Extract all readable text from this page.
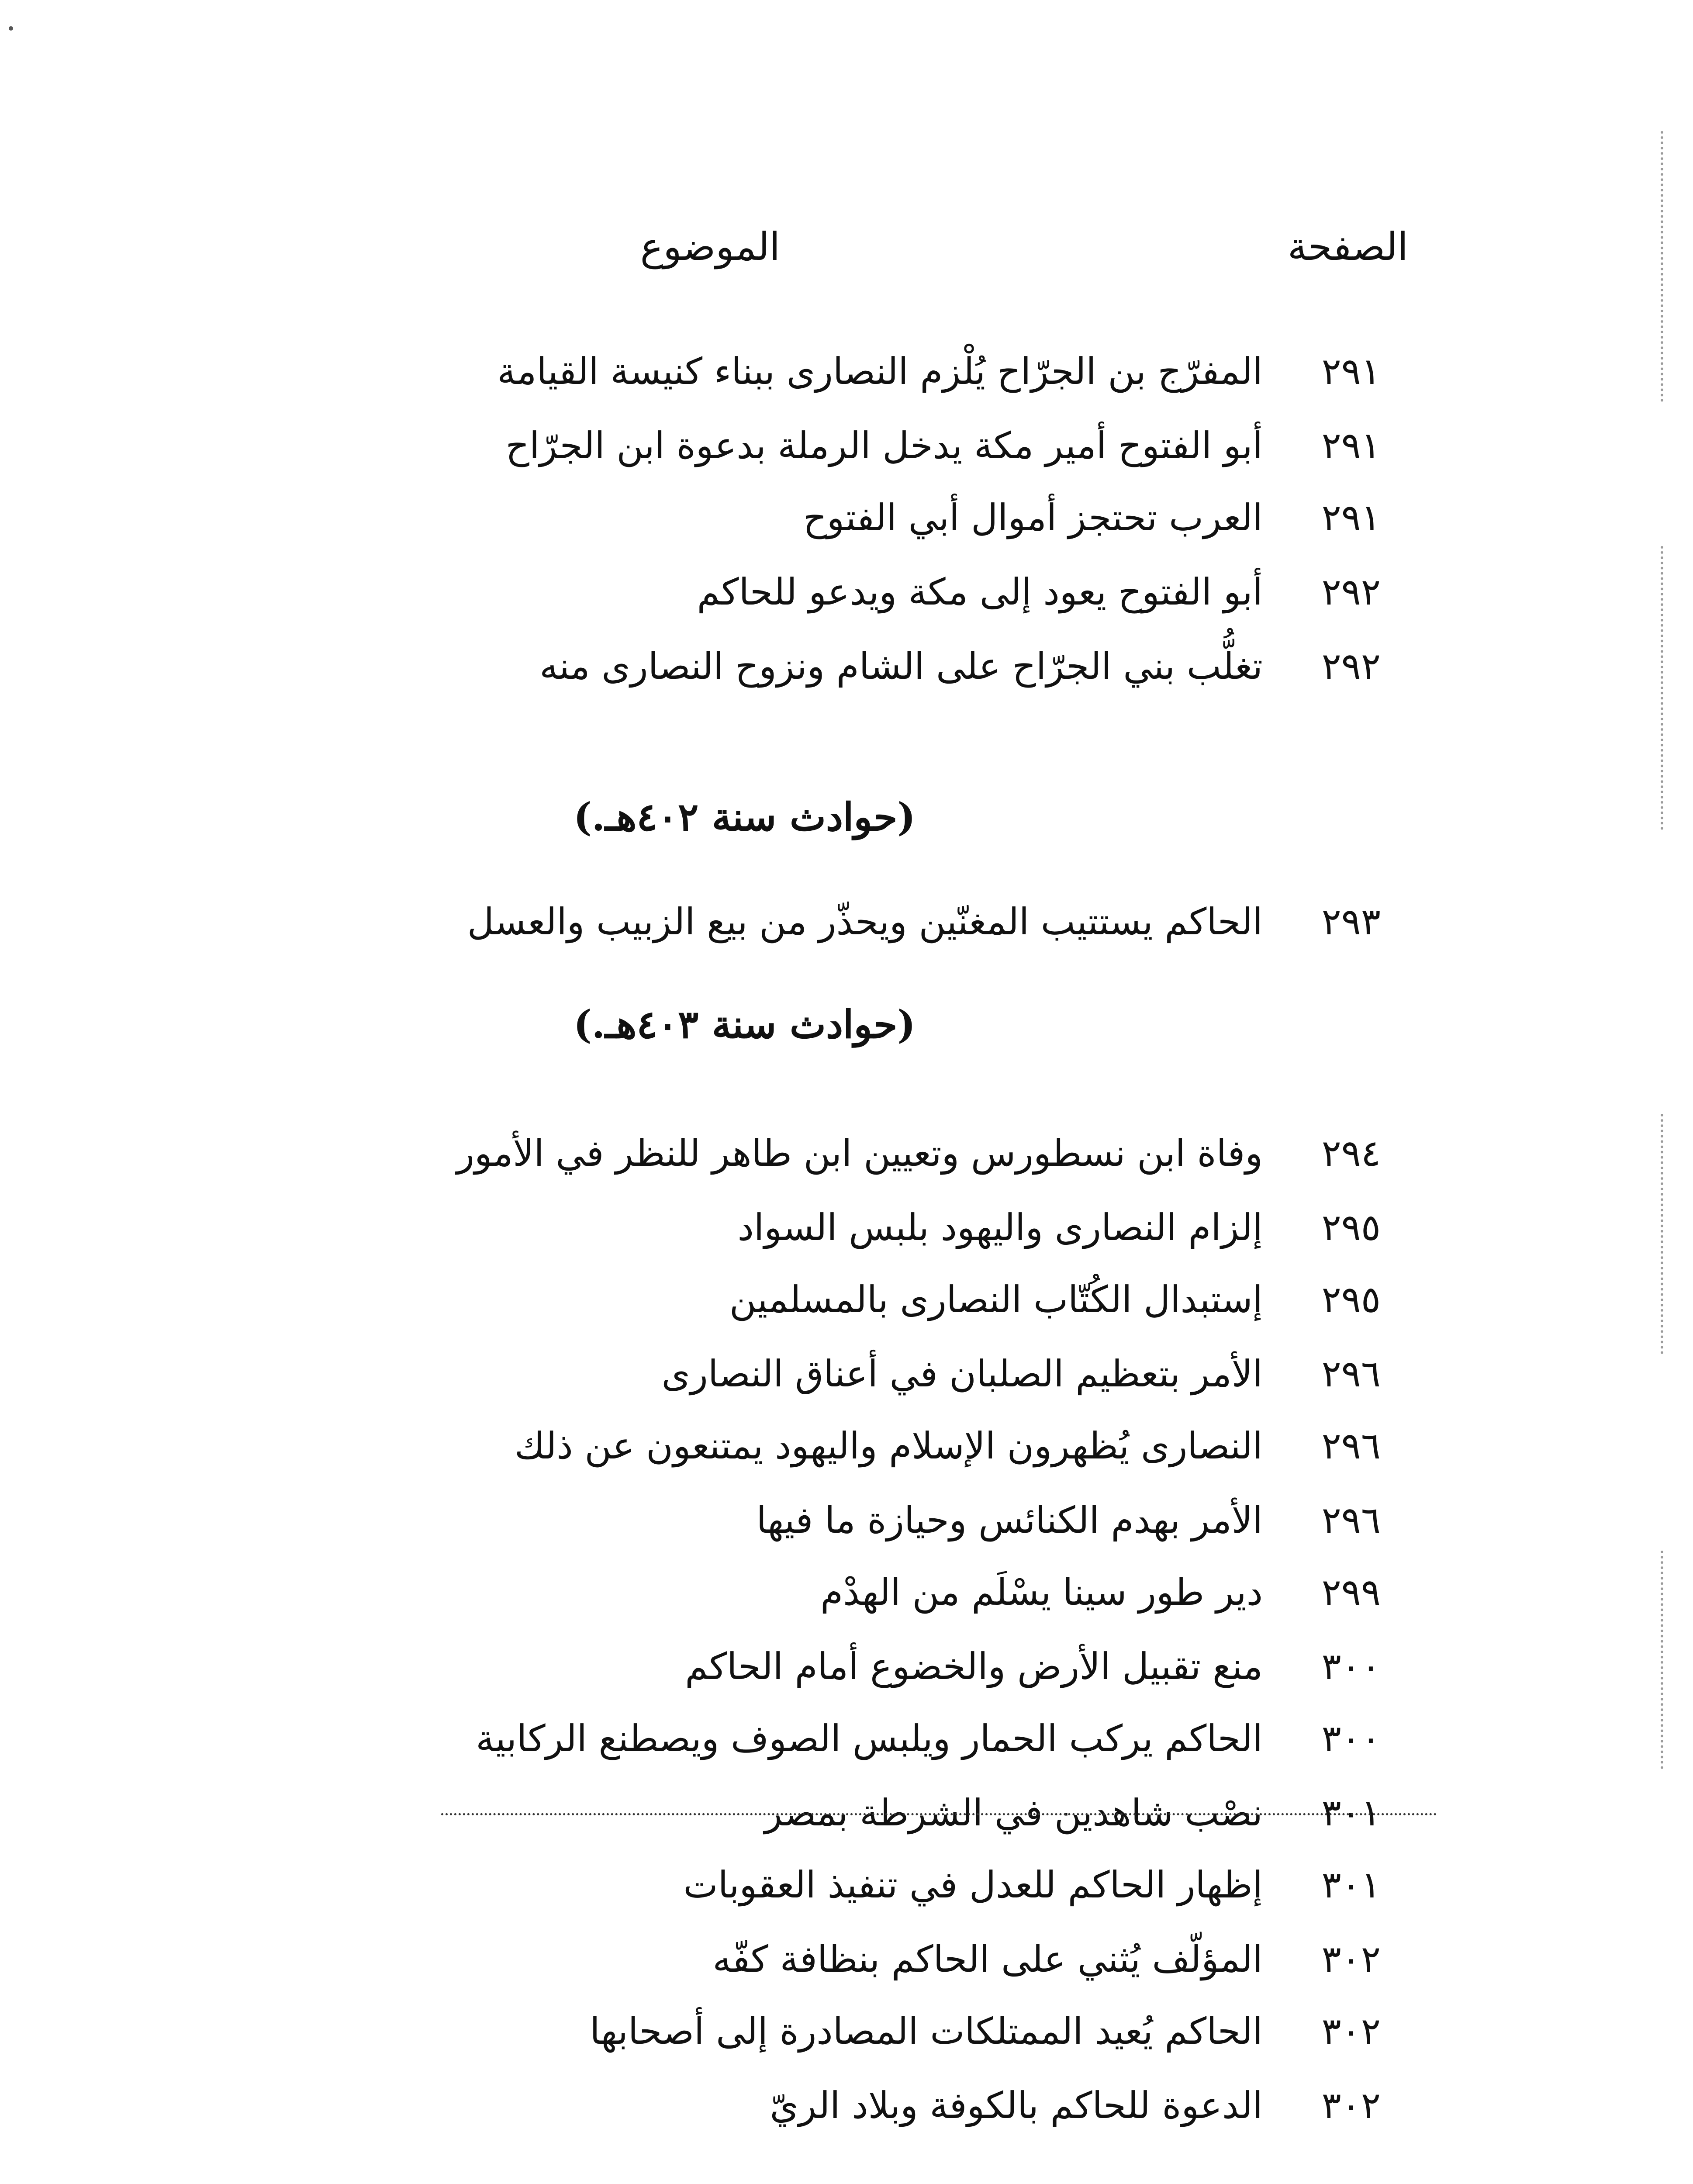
الصفحة
الموضوع
٢٩١
المفرّج بن الجرّاح يُلْزم النصارى ببناء كنيسة القيامة
٢٩١
أبو الفتوح أمير مكة يدخل الرملة بدعوة ابن الجرّاح
٢٩١
العرب تحتجز أموال أبي الفتوح
٢٩٢
أبو الفتوح يعود إلى مكة ويدعو للحاكم
٢٩٢
تغلُّب بني الجرّاح على الشام ونزوح النصارى منه
(حوادث سنة ٤٠٢هـ.)
٢٩٣
الحاكم يستتيب المغنّين ويحذّر من بيع الزبيب والعسل
(حوادث سنة ٤٠٣هـ.)
٢٩٤
وفاة ابن نسطورس وتعيين ابن طاهر للنظر في الأمور
٢٩٥
إلزام النصارى واليهود بلبس السواد
٢٩٥
إستبدال الكُتّاب النصارى بالمسلمين
٢٩٦
الأمر بتعظيم الصلبان في أعناق النصارى
٢٩٦
النصارى يُظهرون الإسلام واليهود يمتنعون عن ذلك
٢٩٦
الأمر بهدم الكنائس وحيازة ما فيها
٢٩٩
دير طور سينا يسْلَم من الهدْم
٣٠٠
منع تقبيل الأرض والخضوع أمام الحاكم
٣٠٠
الحاكم يركب الحمار ويلبس الصوف ويصطنع الركابية
٣٠١
نصْب شاهدين في الشرطة بمصر
٣٠١
إظهار الحاكم للعدل في تنفيذ العقوبات
٣٠٢
المؤلّف يُثني على الحاكم بنظافة كفّه
٣٠٢
الحاكم يُعيد الممتلكات المصادرة إلى أصحابها
٣٠٢
الدعوة للحاكم بالكوفة وبلاد الريّ
